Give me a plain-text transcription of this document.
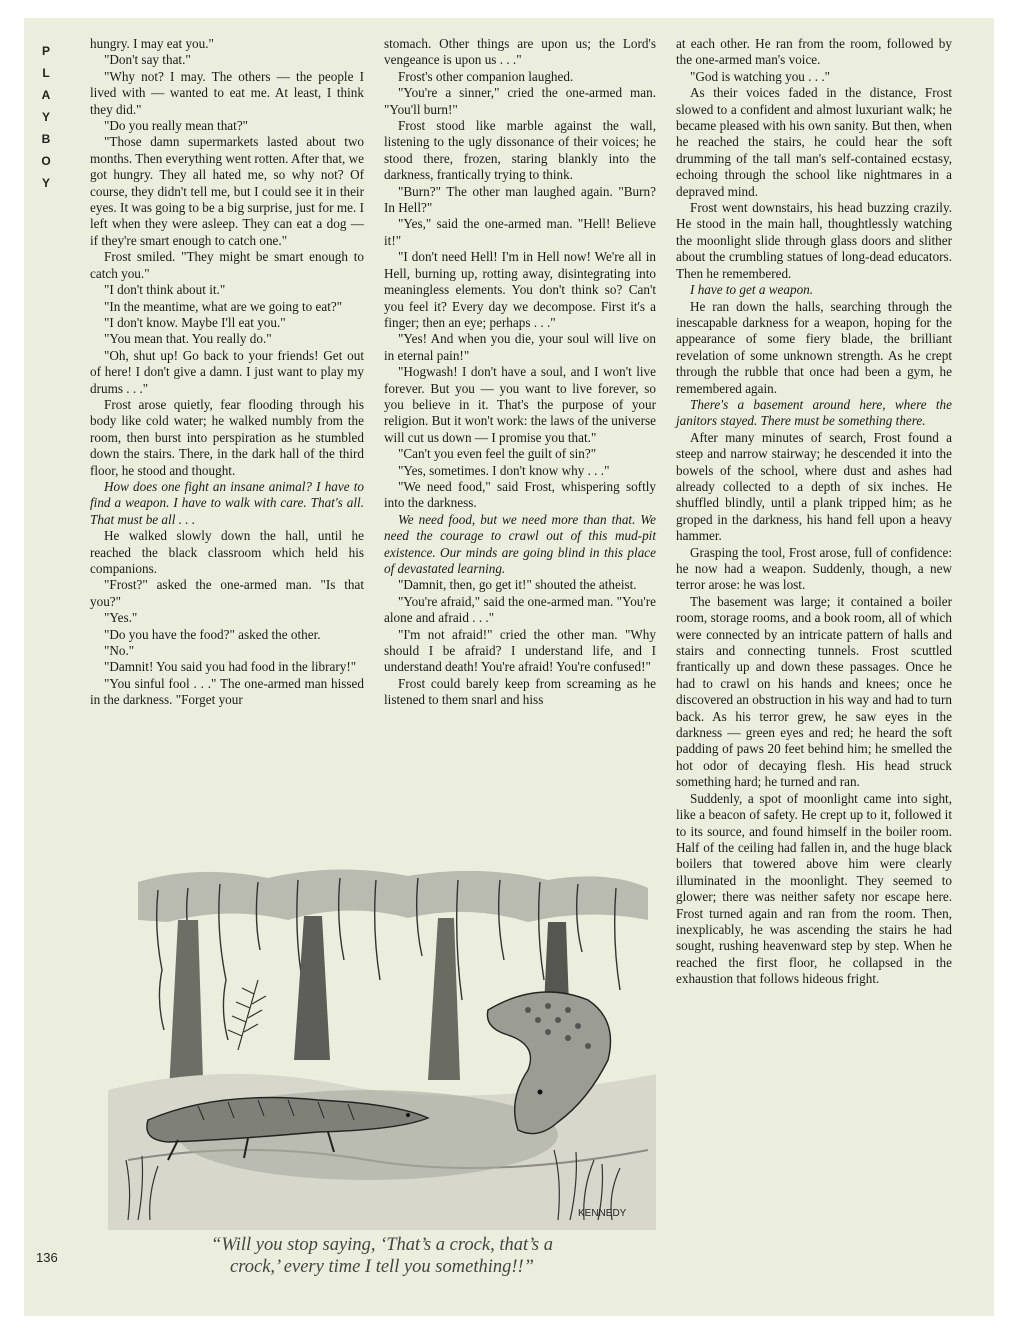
P
L
A
Y
B
O
Y

hungry. I may eat you."

"Don't say that."

"Why not? I may. The others — the people I lived with — wanted to eat me. At least, I think they did."

"Do you really mean that?"

"Those damn supermarkets lasted about two months. Then everything went rotten. After that, we got hungry. They all hated me, so why not? Of course, they didn't tell me, but I could see it in their eyes. It was going to be a big surprise, just for me. I left when they were asleep. They can eat a dog — if they're smart enough to catch one."

Frost smiled. "They might be smart enough to catch you."

"I don't think about it."

"In the meantime, what are we going to eat?"

"I don't know. Maybe I'll eat you."

"You mean that. You really do."

"Oh, shut up! Go back to your friends! Get out of here! I don't give a damn. I just want to play my drums . . ."

Frost arose quietly, fear flooding through his body like cold water; he walked numbly from the room, then burst into perspiration as he stumbled down the stairs. There, in the dark hall of the third floor, he stood and thought.

How does one fight an insane animal? I have to find a weapon. I have to walk with care. That's all. That must be all . . .

He walked slowly down the hall, until he reached the black classroom which held his companions.

"Frost?" asked the one-armed man. "Is that you?"

"Yes."

"Do you have the food?" asked the other.

"No."

"Damnit! You said you had food in the library!"

"You sinful fool . . ." The one-armed man hissed in the darkness. "Forget your

stomach. Other things are upon us; the Lord's vengeance is upon us . . ."

Frost's other companion laughed.

"You're a sinner," cried the one-armed man. "You'll burn!"

Frost stood like marble against the wall, listening to the ugly dissonance of their voices; he stood there, frozen, staring blankly into the darkness, frantically trying to think.

"Burn?" The other man laughed again. "Burn? In Hell?"

"Yes," said the one-armed man. "Hell! Believe it!"

"I don't need Hell! I'm in Hell now! We're all in Hell, burning up, rotting away, disintegrating into meaningless elements. You don't think so? Can't you feel it? Every day we decompose. First it's a finger; then an eye; perhaps . . ."

"Yes! And when you die, your soul will live on in eternal pain!"

"Hogwash! I don't have a soul, and I won't live forever. But you — you want to live forever, so you believe in it. That's the purpose of your religion. But it won't work: the laws of the universe will cut us down — I promise you that."

"Can't you even feel the guilt of sin?"

"Yes, sometimes. I don't know why . . ."

"We need food," said Frost, whispering softly into the darkness.

We need food, but we need more than that. We need the courage to crawl out of this mud-pit existence. Our minds are going blind in this place of devastated learning.

"Damnit, then, go get it!" shouted the atheist.

"You're afraid," said the one-armed man. "You're alone and afraid . . ."

"I'm not afraid!" cried the other man. "Why should I be afraid? I understand life, and I understand death! You're afraid! You're confused!"

Frost could barely keep from screaming as he listened to them snarl and hiss

at each other. He ran from the room, followed by the one-armed man's voice.

"God is watching you . . ."

As their voices faded in the distance, Frost slowed to a confident and almost luxuriant walk; he became pleased with his own sanity. But then, when he reached the stairs, he could hear the soft drumming of the tall man's self-contained ecstasy, echoing through the school like nightmares in a depraved mind.

Frost went downstairs, his head buzzing crazily. He stood in the main hall, thoughtlessly watching the moonlight slide through glass doors and slither about the crumbling statues of long-dead educators. Then he remembered.

I have to get a weapon.

He ran down the halls, searching through the inescapable darkness for a weapon, hoping for the appearance of some fiery blade, the brilliant revelation of some unknown strength. As he crept through the rubble that once had been a gym, he remembered again.

There's a basement around here, where the janitors stayed. There must be something there.

After many minutes of search, Frost found a steep and narrow stairway; he descended it into the bowels of the school, where dust and ashes had already collected to a depth of six inches. He shuffled blindly, until a plank tripped him; as he groped in the darkness, his hand fell upon a heavy hammer.

Grasping the tool, Frost arose, full of confidence: he now had a weapon. Suddenly, though, a new terror arose: he was lost.

The basement was large; it contained a boiler room, storage rooms, and a book room, all of which were connected by an intricate pattern of halls and stairs and connecting tunnels. Frost scuttled frantically up and down these passages. Once he had to crawl on his hands and knees; once he discovered an obstruction in his way and had to turn back. As his terror grew, he saw eyes in the darkness — green eyes and red; he heard the soft padding of paws 20 feet behind him; he smelled the hot odor of decaying flesh. His head struck something hard; he turned and ran.

Suddenly, a spot of moonlight came into sight, like a beacon of safety. He crept up to it, followed it to its source, and found himself in the boiler room. Half of the ceiling had fallen in, and the huge black boilers that towered above him were clearly illuminated in the moonlight. They seemed to glower; there was neither safety nor escape here. Frost turned again and ran from the room. Then, inexplicably, he was ascending the stairs he had sought, rushing heavenward step by step. When he reached the first floor, he collapsed in the exhaustion that follows hideous fright.

KENNEDY
“Will you stop saying, ‘That’s a crock, that’s a
crock,’ every time I tell you something!!”
136
